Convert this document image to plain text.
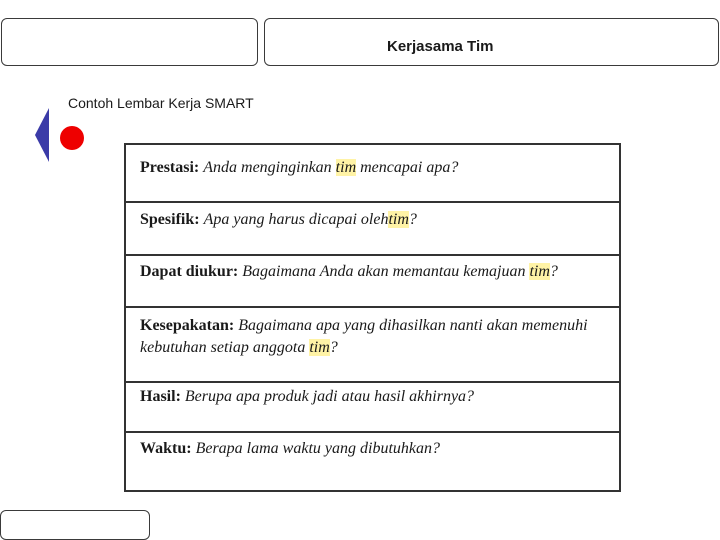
Kerjasama Tim
Contoh Lembar Kerja SMART
Prestasi: Anda menginginkan tim mencapai apa?
Spesifik: Apa yang harus dicapai olehtim?
Dapat diukur: Bagaimana Anda akan memantau kemajuan tim?
Kesepakatan: Bagaimana apa yang dihasilkan nanti akan memenuhi kebutuhan setiap anggota tim?
Hasil: Berupa apa produk jadi atau hasil akhirnya?
Waktu: Berapa lama waktu yang dibutuhkan?
